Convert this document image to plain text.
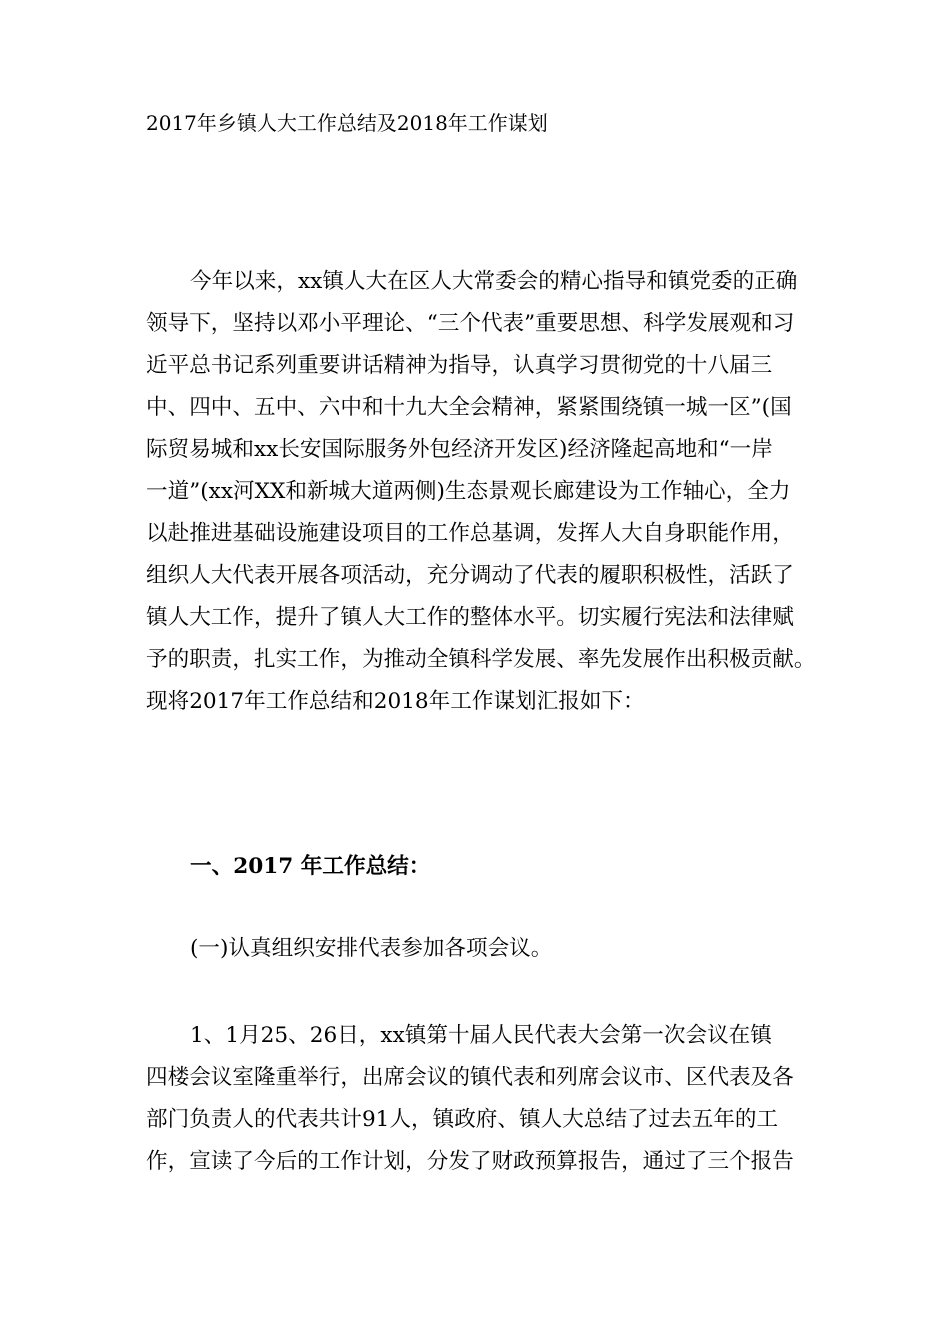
2017年乡镇人大工作总结及2018年工作谋划
今年以来，xx镇人大在区人大常委会的精心指导和镇党委的正确
领导下，坚持以邓小平理论、“三个代表”重要思想、科学发展观和习
近平总书记系列重要讲话精神为指导，认真学习贯彻党的十八届三
中、四中、五中、六中和十九大全会精神，紧紧围绕镇一城一区”(国
际贸易城和xx长安国际服务外包经济开发区)经济隆起高地和“一岸
一道”(xx河XX和新城大道两侧)生态景观长廊建设为工作轴心，全力
以赴推进基础设施建设项目的工作总基调，发挥人大自身职能作用，
组织人大代表开展各项活动，充分调动了代表的履职积极性，活跃了
镇人大工作，提升了镇人大工作的整体水平。切实履行宪法和法律赋
予的职责，扎实工作，为推动全镇科学发展、率先发展作出积极贡献。
现将2017年工作总结和2018年工作谋划汇报如下：
一、2017 年工作总结：

(一)认真组织安排代表参加各项会议。

1、1月25、26日，xx镇第十届人民代表大会第一次会议在镇
四楼会议室隆重举行，出席会议的镇代表和列席会议市、区代表及各
部门负责人的代表共计91人，镇政府、镇人大总结了过去五年的工
作，宣读了今后的工作计划，分发了财政预算报告，通过了三个报告
